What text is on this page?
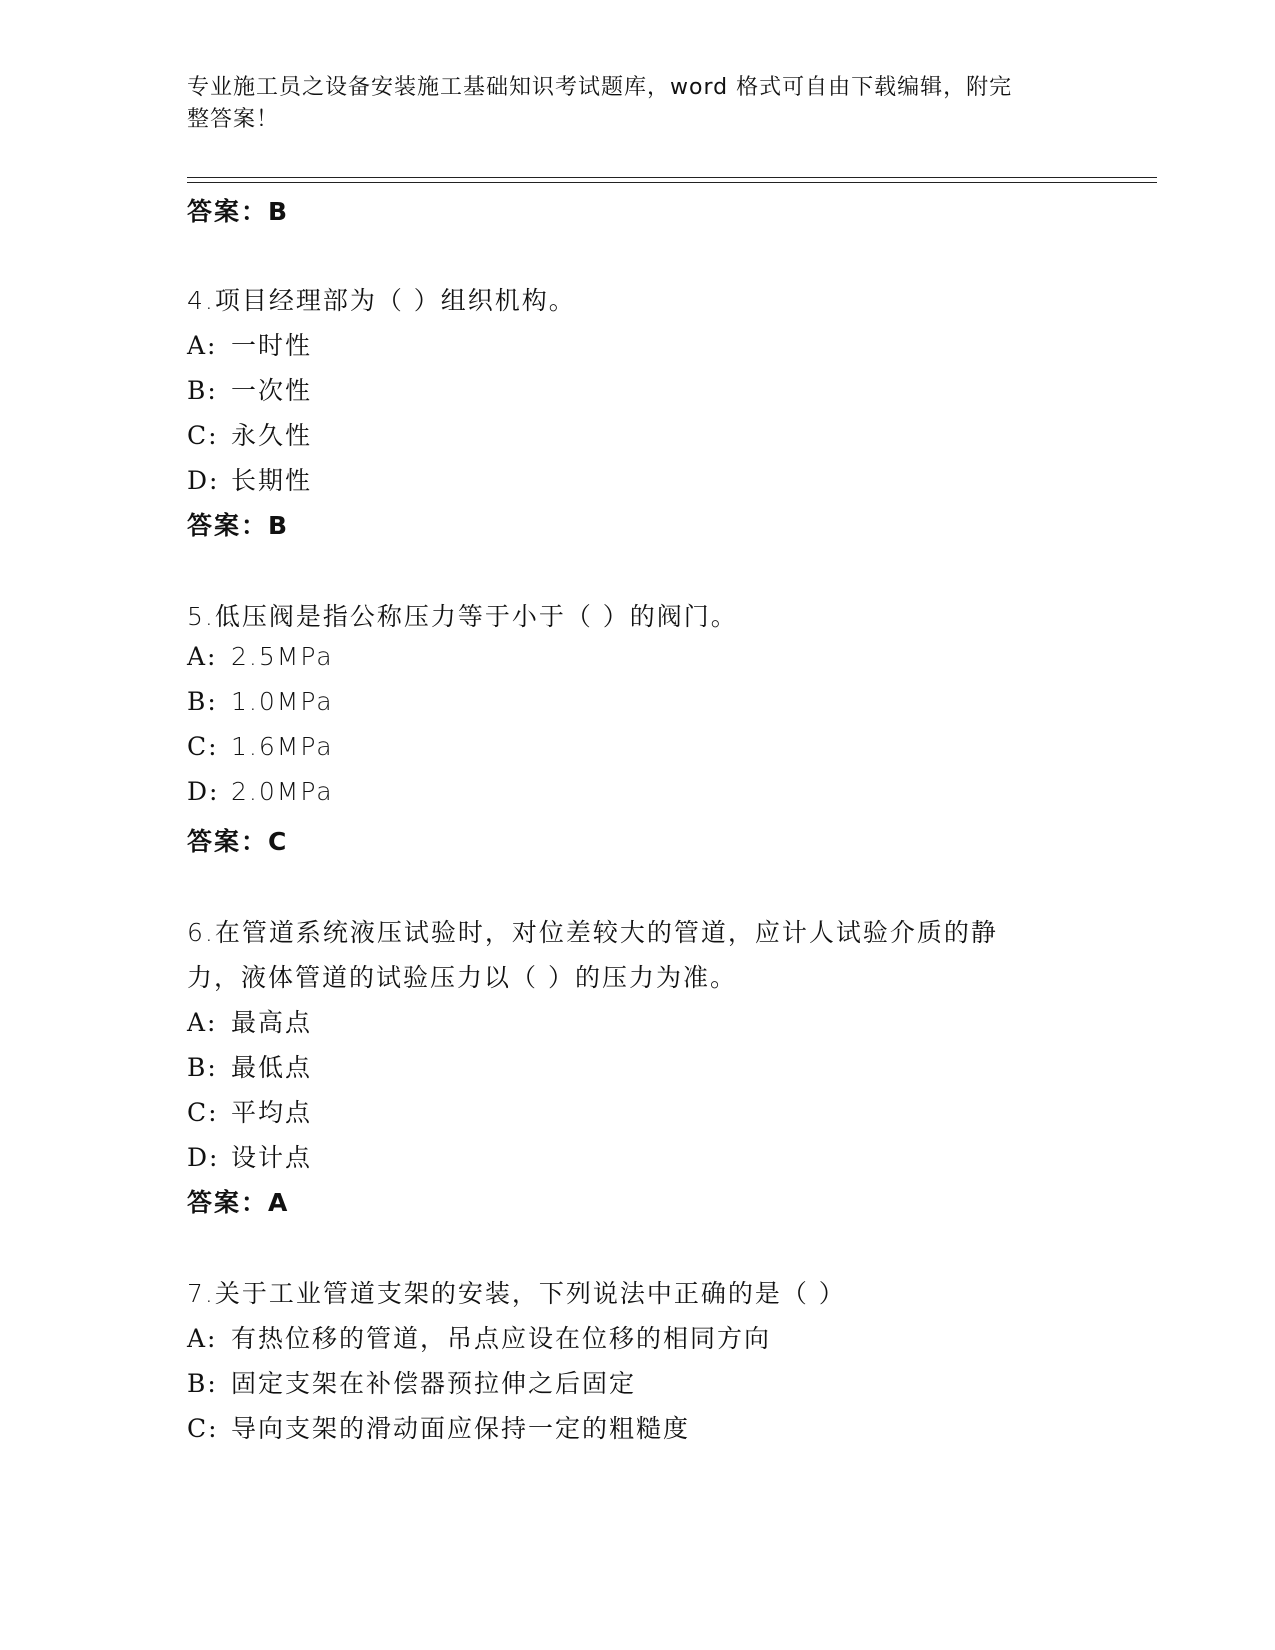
专业施工员之设备安装施工基础知识考试题库，word 格式可自由下载编辑，附完
整答案！
答案：B
4.项目经理部为（ ）组织机构。
A: 一时性
B: 一次性
C: 永久性
D: 长期性
答案：B
5.低压阀是指公称压力等于小于（ ）的阀门。
A: 2.5MPa
B: 1.0MPa
C: 1.6MPa
D: 2.0MPa
答案：C
6.在管道系统液压试验时，对位差较大的管道，应计人试验介质的静
力，液体管道的试验压力以（ ）的压力为准。
A: 最高点
B: 最低点
C: 平均点
D: 设计点
答案：A
7.关于工业管道支架的安装，下列说法中正确的是（ ）
A: 有热位移的管道，吊点应设在位移的相同方向
B: 固定支架在补偿器预拉伸之后固定
C: 导向支架的滑动面应保持一定的粗糙度
